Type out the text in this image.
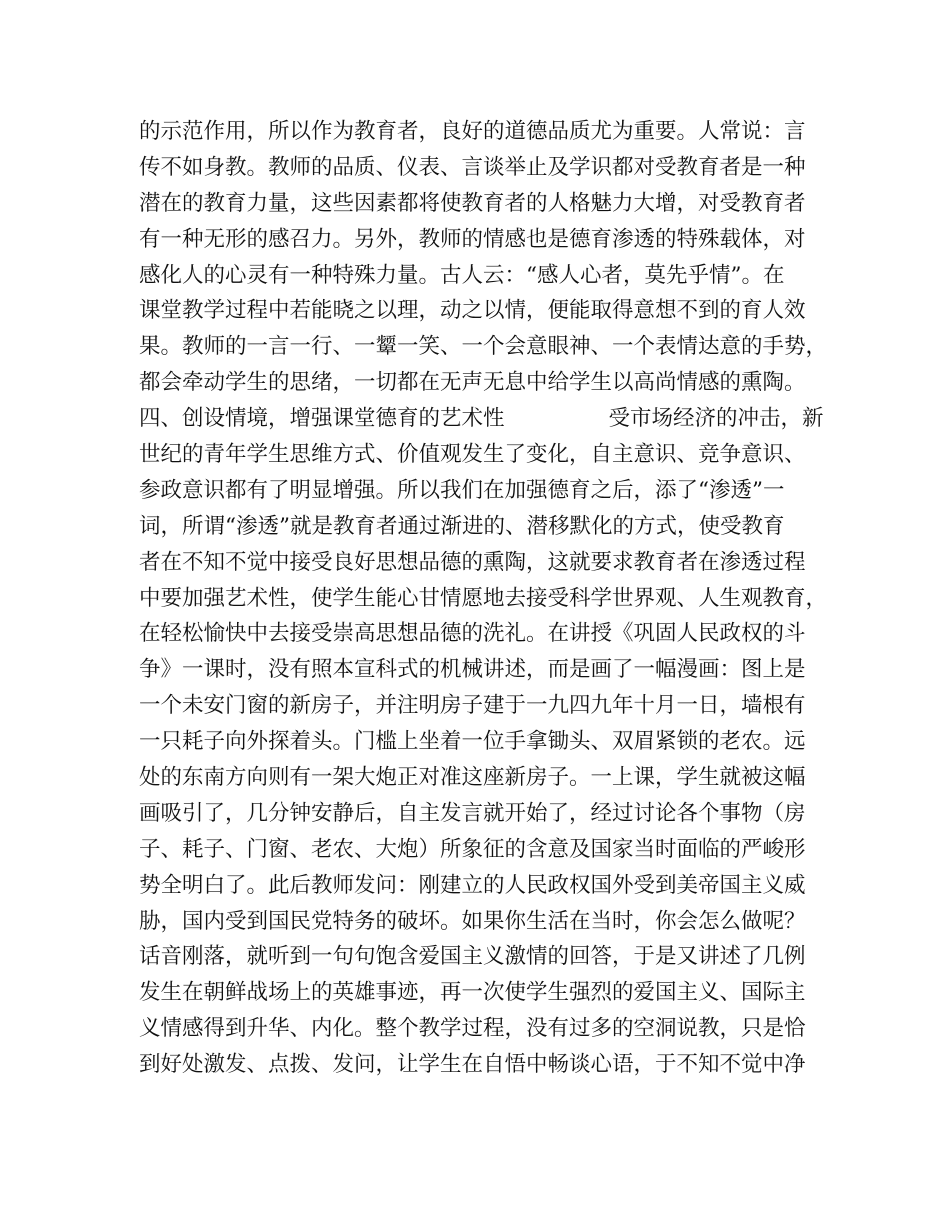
的示范作用，所以作为教育者，良好的道德品质尤为重要。人常说：言
传不如身教。教师的品质、仪表、言谈举止及学识都对受教育者是一种
潜在的教育力量，这些因素都将使教育者的人格魅力大增，对受教育者
有一种无形的感召力。另外，教师的情感也是德育渗透的特殊载体，对
感化人的心灵有一种特殊力量。古人云：“感人心者，莫先乎情”。在
课堂教学过程中若能晓之以理，动之以情，便能取得意想不到的育人效
果。教师的一言一行、一颦一笑、一个会意眼神、一个表情达意的手势，
都会牵动学生的思绪，一切都在无声无息中给学生以高尚情感的熏陶。
四、创设情境，增强课堂德育的艺术性	受市场经济的冲击，新
世纪的青年学生思维方式、价值观发生了变化，自主意识、竞争意识、
参政意识都有了明显增强。所以我们在加强德育之后，添了“渗透”一
词，所谓“渗透”就是教育者通过渐进的、潜移默化的方式，使受教育
者在不知不觉中接受良好思想品德的熏陶，这就要求教育者在渗透过程
中要加强艺术性，使学生能心甘情愿地去接受科学世界观、人生观教育，
在轻松愉快中去接受崇高思想品德的洗礼。在讲授《巩固人民政权的斗
争》一课时，没有照本宣科式的机械讲述，而是画了一幅漫画：图上是
一个未安门窗的新房子，并注明房子建于一九四九年十月一日，墙根有
一只耗子向外探着头。门槛上坐着一位手拿锄头、双眉紧锁的老农。远
处的东南方向则有一架大炮正对准这座新房子。一上课，学生就被这幅
画吸引了，几分钟安静后，自主发言就开始了，经过讨论各个事物（房
子、耗子、门窗、老农、大炮）所象征的含意及国家当时面临的严峻形
势全明白了。此后教师发问：刚建立的人民政权国外受到美帝国主义威
胁，国内受到国民党特务的破坏。如果你生活在当时，你会怎么做呢？
话音刚落，就听到一句句饱含爱国主义激情的回答，于是又讲述了几例
发生在朝鲜战场上的英雄事迹，再一次使学生强烈的爱国主义、国际主
义情感得到升华、内化。整个教学过程，没有过多的空洞说教，只是恰
到好处激发、点拨、发问，让学生在自悟中畅谈心语，于不知不觉中净
